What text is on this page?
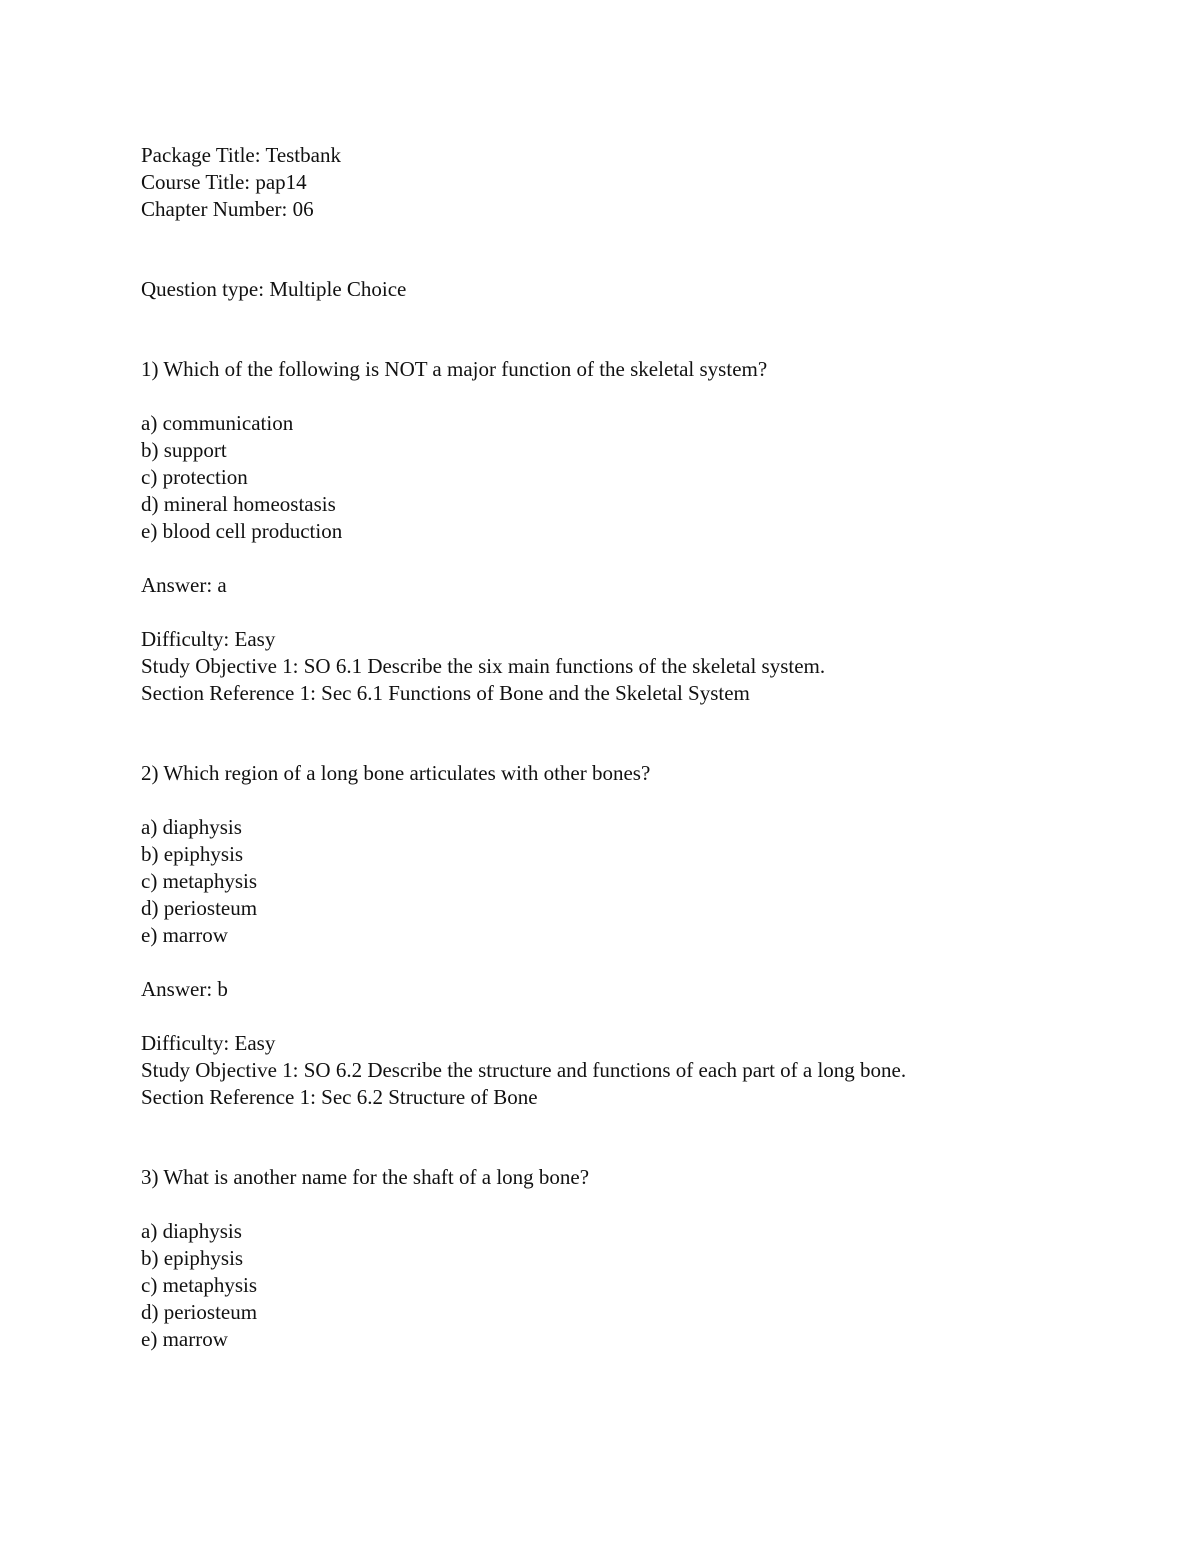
Package Title: Testbank
Course Title: pap14
Chapter Number: 06
Question type: Multiple Choice
1) Which of the following is NOT a major function of the skeletal system?
a) communication
b) support
c) protection
d) mineral homeostasis
e) blood cell production
Answer: a
Difficulty: Easy
Study Objective 1: SO 6.1 Describe the six main functions of the skeletal system.
Section Reference 1: Sec 6.1 Functions of Bone and the Skeletal System
2) Which region of a long bone articulates with other bones?
a) diaphysis
b) epiphysis
c) metaphysis
d) periosteum
e) marrow
Answer: b
Difficulty: Easy
Study Objective 1: SO 6.2 Describe the structure and functions of each part of a long bone.
Section Reference 1: Sec 6.2 Structure of Bone
3) What is another name for the shaft of a long bone?
a) diaphysis
b) epiphysis
c) metaphysis
d) periosteum
e) marrow
